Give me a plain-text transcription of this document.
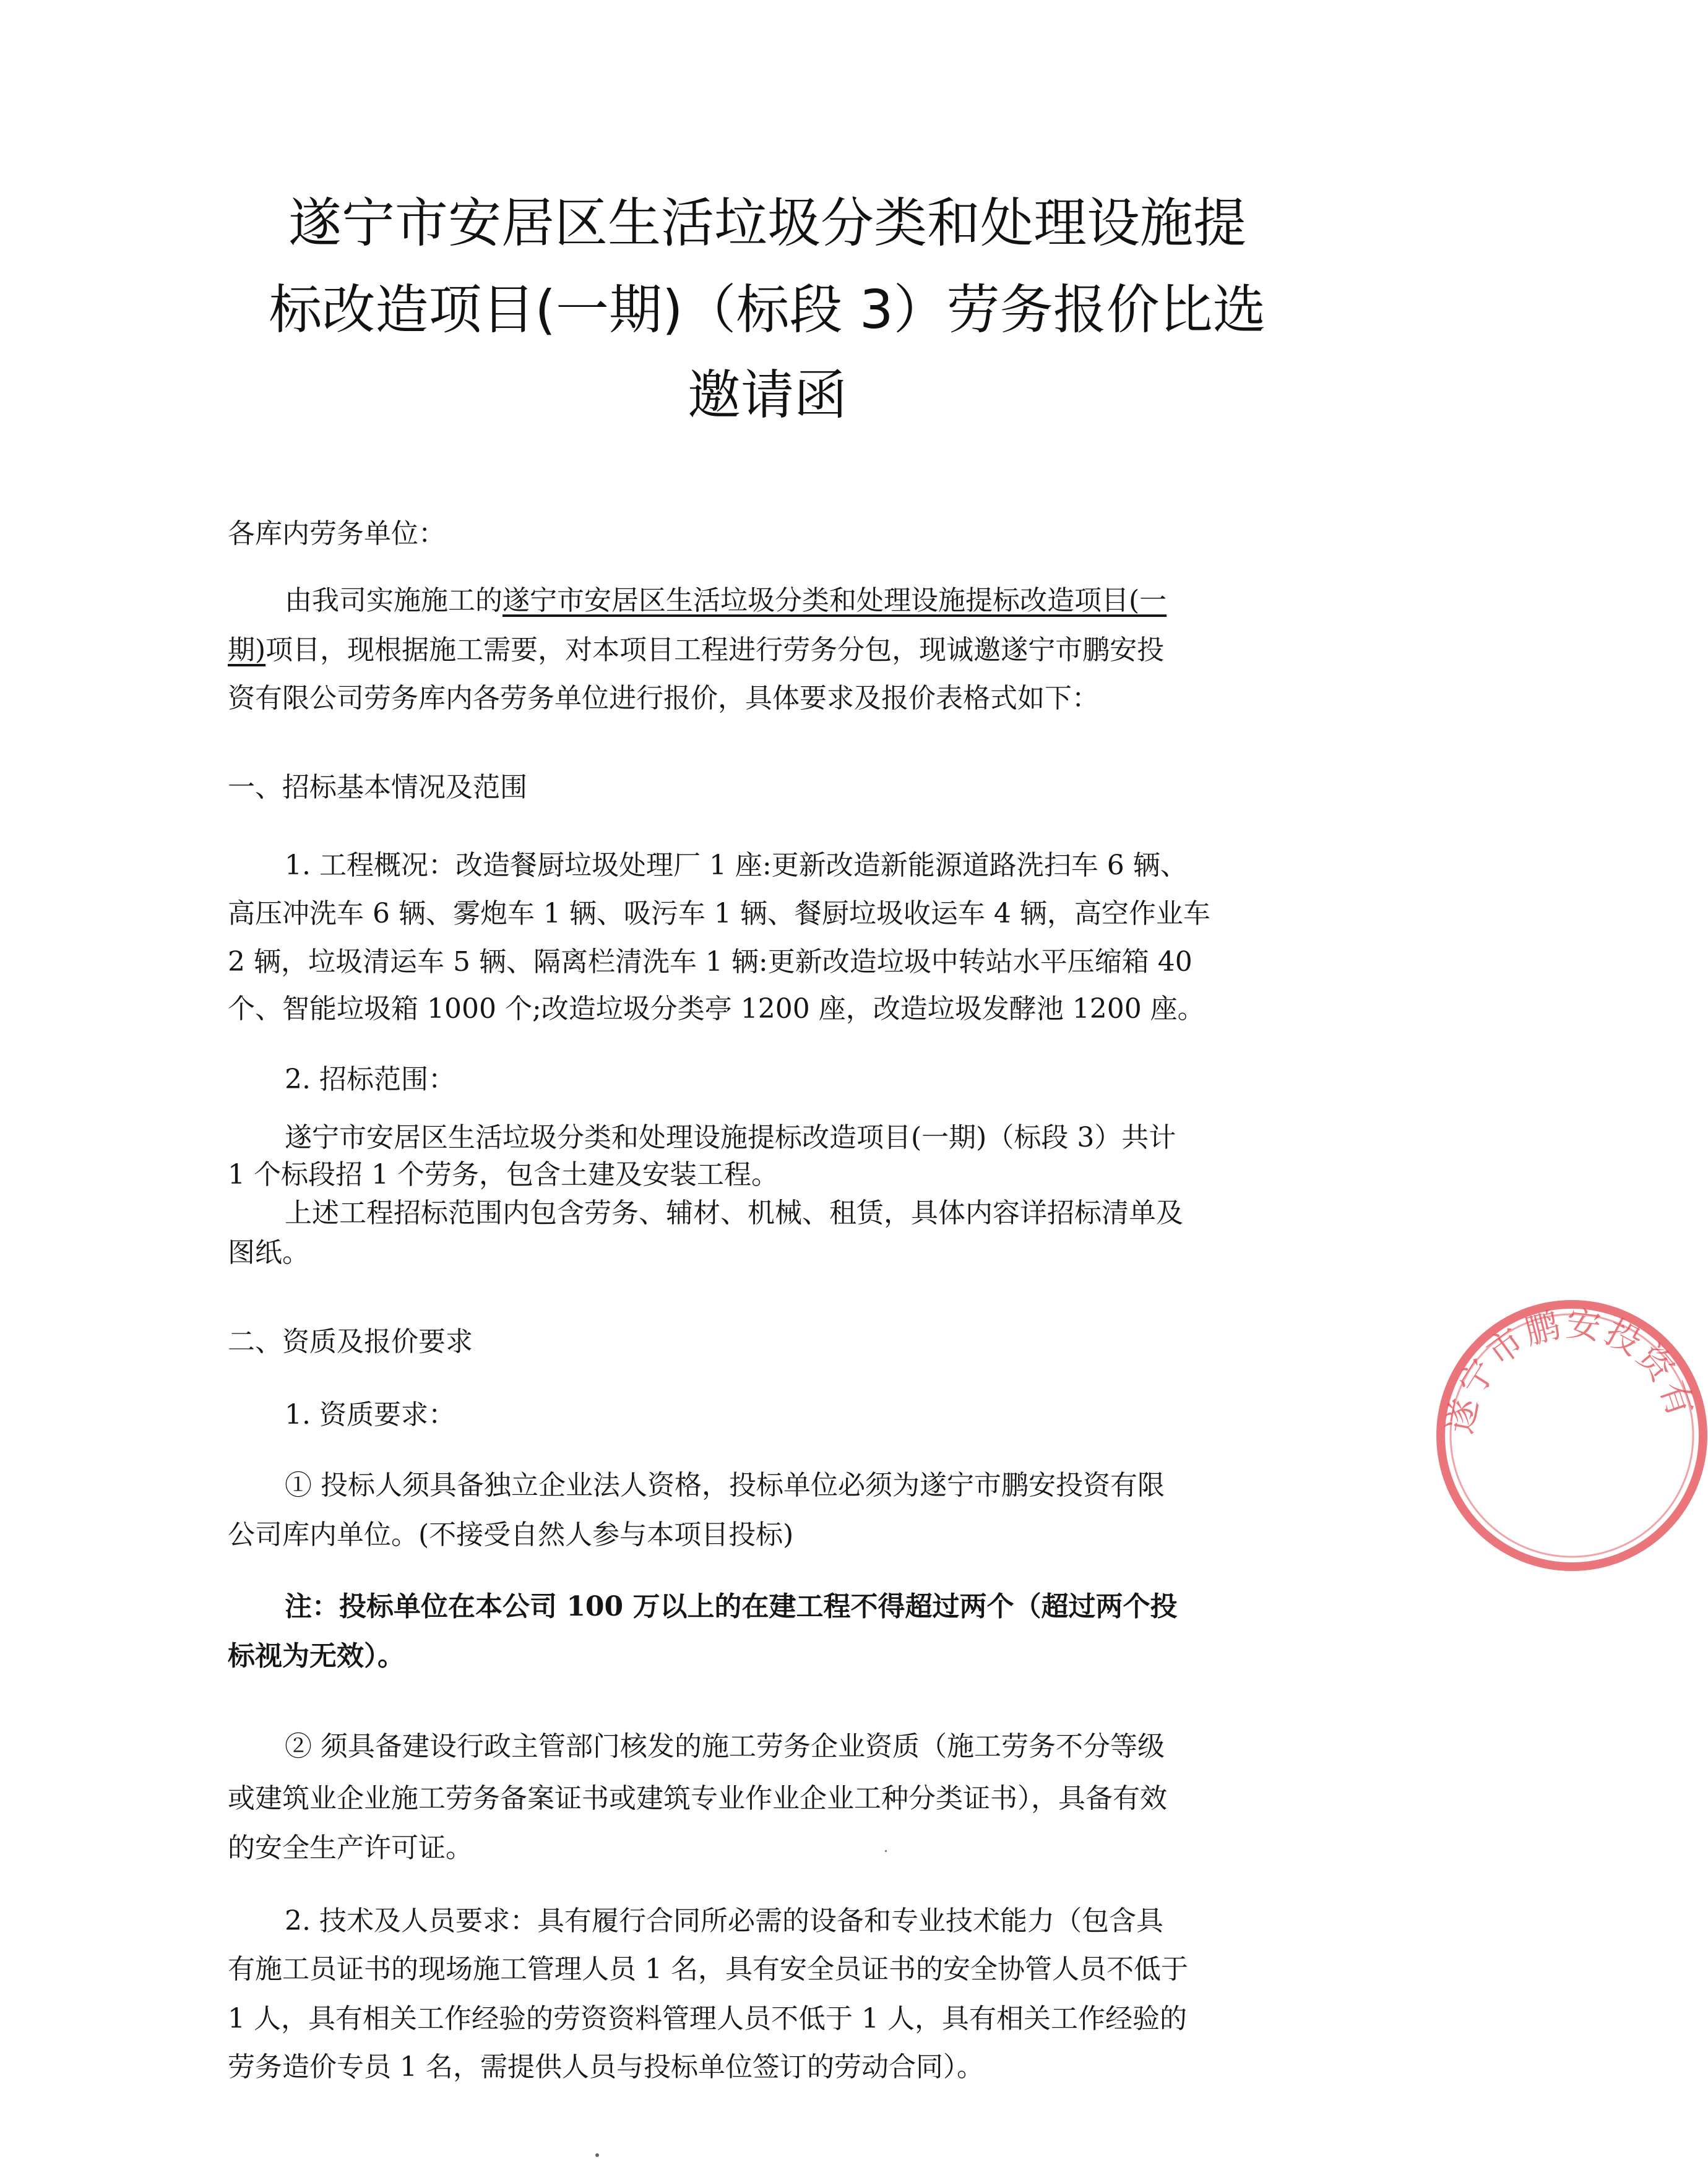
遂宁市安居区生活垃圾分类和处理设施提
标改造项目(一期)（标段 3）劳务报价比选
邀请函
各库内劳务单位：
由我司实施施工的遂宁市安居区生活垃圾分类和处理设施提标改造项目(一
期)项目，现根据施工需要，对本项目工程进行劳务分包，现诚邀遂宁市鹏安投
资有限公司劳务库内各劳务单位进行报价，具体要求及报价表格式如下：
一、招标基本情况及范围
1. 工程概况：改造餐厨垃圾处理厂 1 座:更新改造新能源道路洗扫车 6 辆、
高压冲洗车 6 辆、雾炮车 1 辆、吸污车 1 辆、餐厨垃圾收运车 4 辆，高空作业车
2 辆，垃圾清运车 5 辆、隔离栏清洗车 1 辆:更新改造垃圾中转站水平压缩箱 40
个、智能垃圾箱 1000 个;改造垃圾分类亭 1200 座，改造垃圾发酵池 1200 座。
2. 招标范围：
遂宁市安居区生活垃圾分类和处理设施提标改造项目(一期)（标段 3）共计
1 个标段招 1 个劳务，包含土建及安装工程。
上述工程招标范围内包含劳务、辅材、机械、租赁，具体内容详招标清单及
图纸。
二、资质及报价要求
1. 资质要求：
① 投标人须具备独立企业法人资格，投标单位必须为遂宁市鹏安投资有限
公司库内单位。(不接受自然人参与本项目投标)
注：投标单位在本公司 100 万以上的在建工程不得超过两个（超过两个投
标视为无效）。
② 须具备建设行政主管部门核发的施工劳务企业资质（施工劳务不分等级
或建筑业企业施工劳务备案证书或建筑专业作业企业工种分类证书），具备有效
的安全生产许可证。
2. 技术及人员要求：具有履行合同所必需的设备和专业技术能力（包含具
有施工员证书的现场施工管理人员 1 名，具有安全员证书的安全协管人员不低于
1 人，具有相关工作经验的劳资资料管理人员不低于 1 人，具有相关工作经验的
劳务造价专员 1 名，需提供人员与投标单位签订的劳动合同）。
遂宁市鹏安投资有限公司
